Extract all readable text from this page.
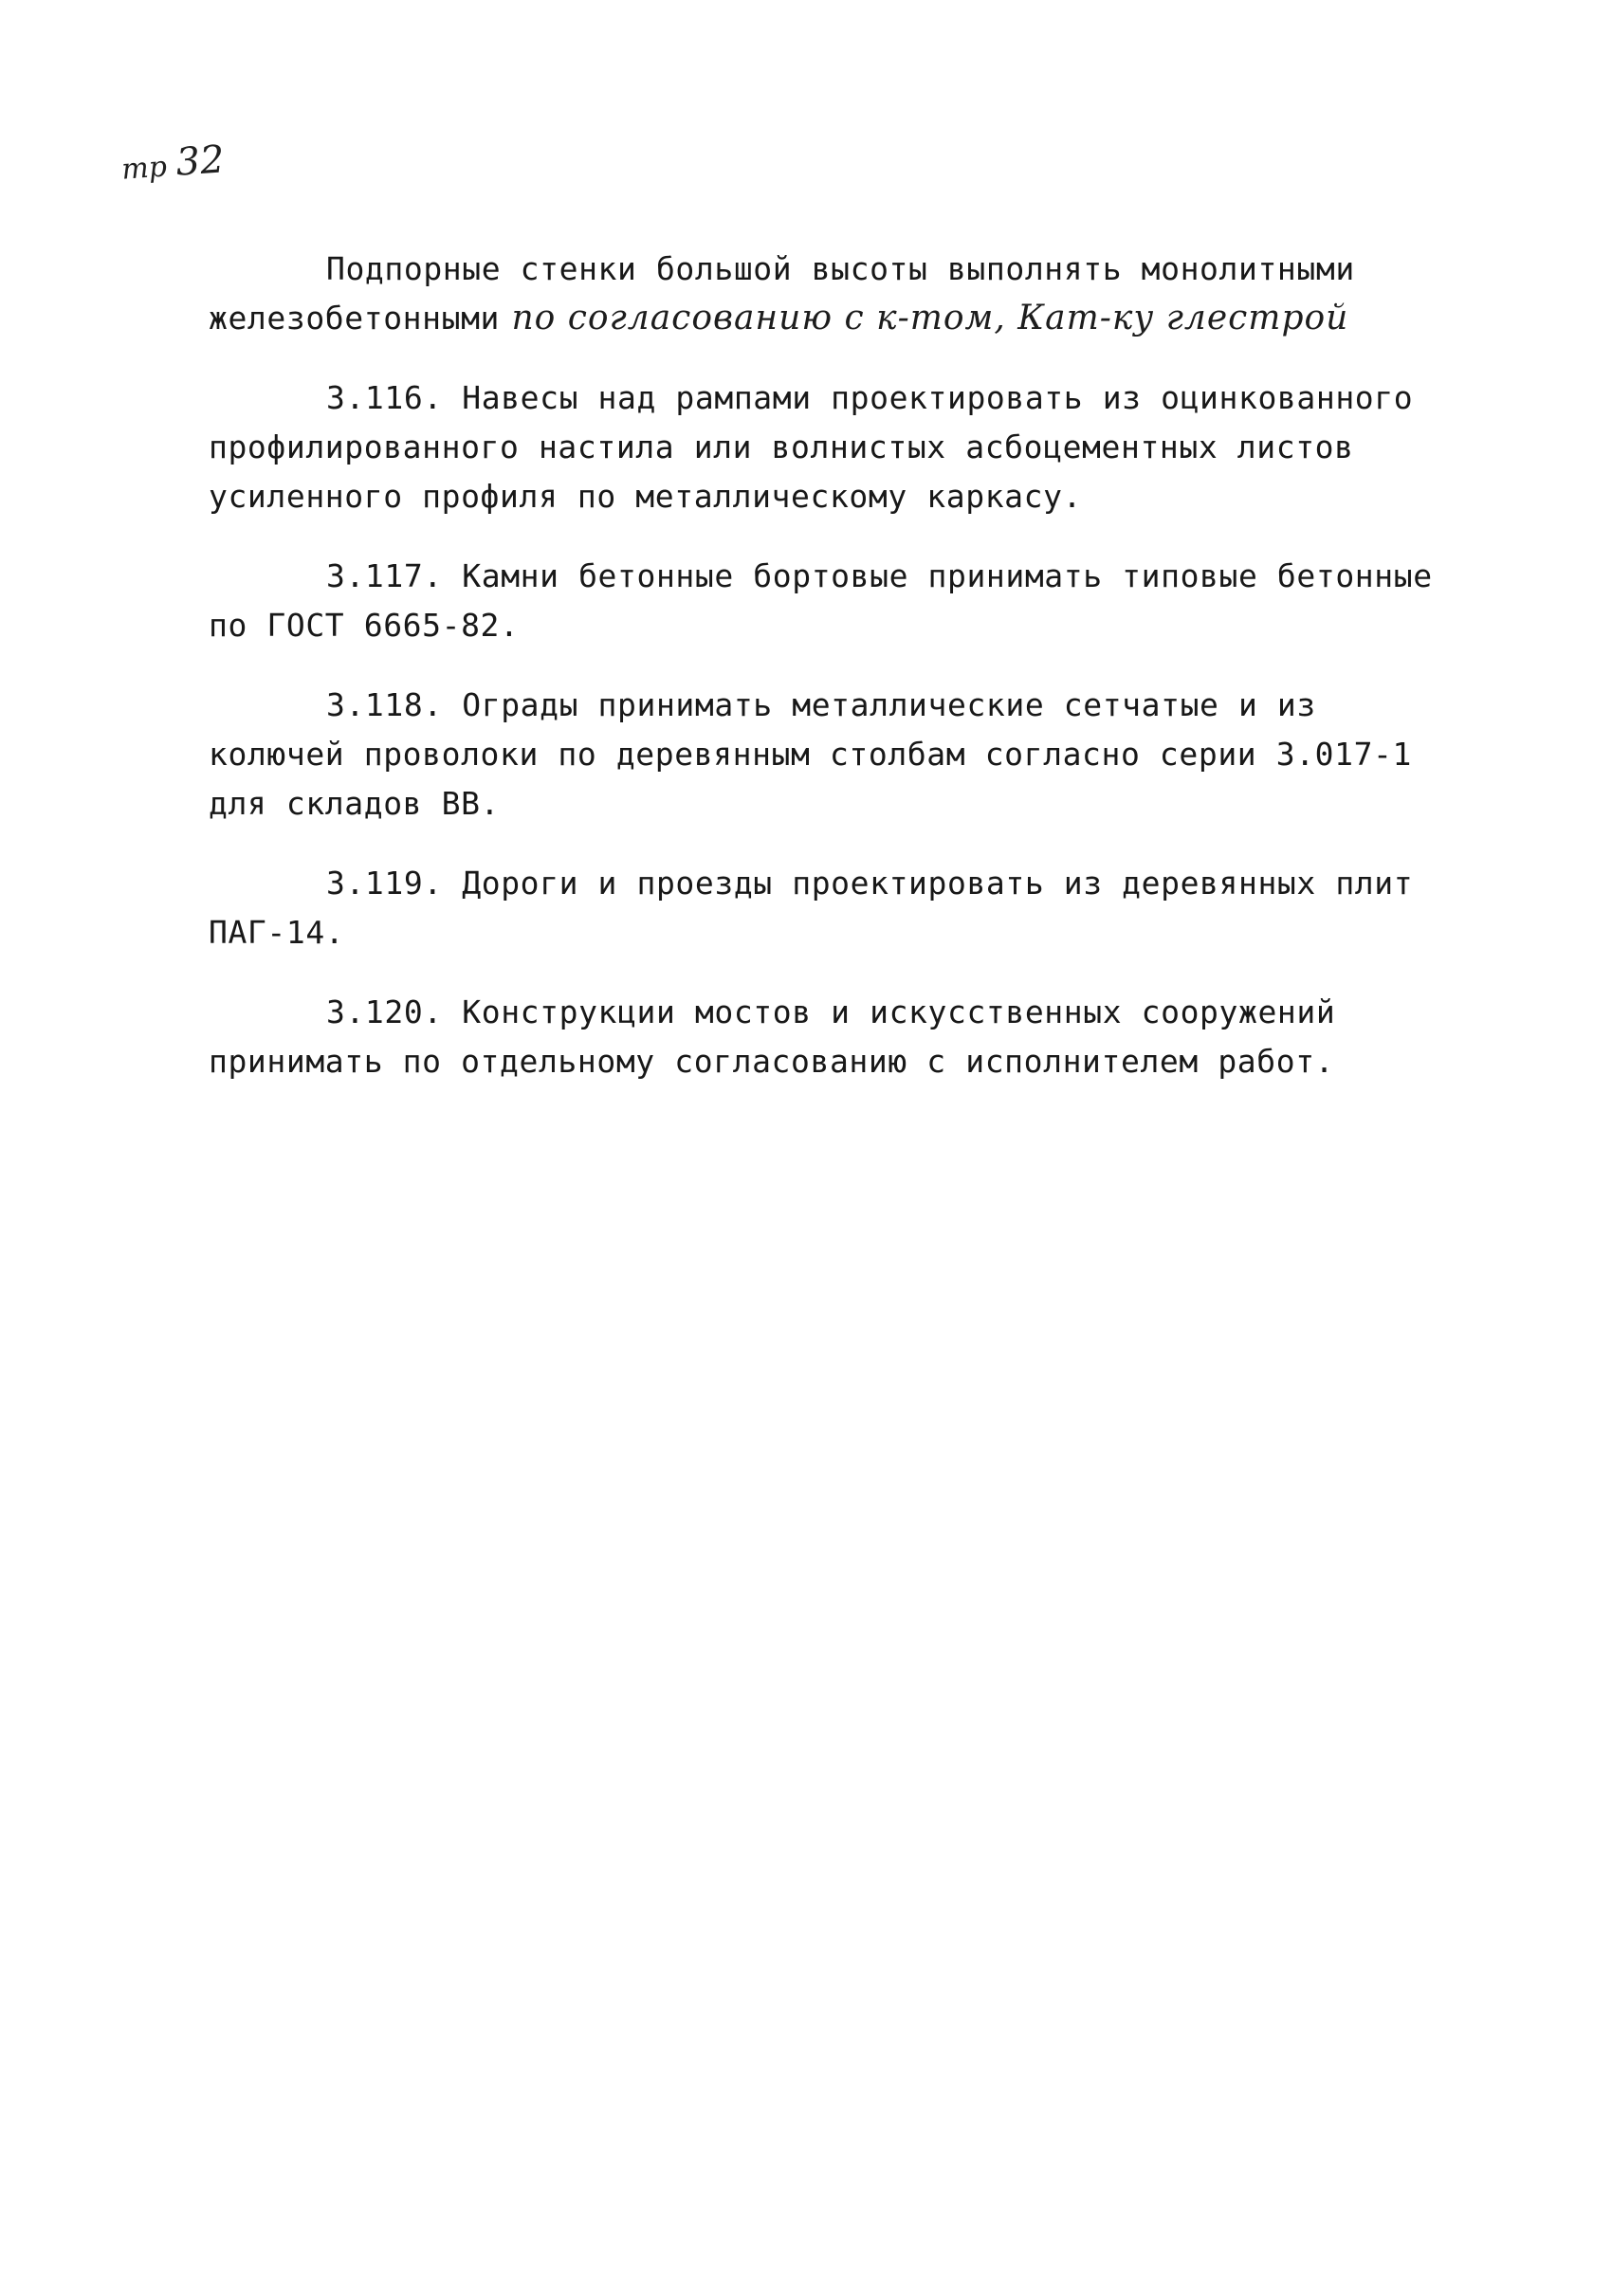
тр 32

Подпорные стенки большой высоты выполнять монолитными железобетонными по согласованию с к-том, Кат-ку глестрой

3.116. Навесы над рампами проектировать из оцинкованного профилированного настила или волнистых асбоцементных листов усиленного профиля по металлическому каркасу.

3.117. Камни бетонные бортовые принимать типовые бетонные по ГОСТ 6665-82.

3.118. Ограды принимать металлические сетчатые и из колючей проволоки по деревянным столбам согласно серии 3.017-1 для складов ВВ.

3.119. Дороги и проезды проектировать из деревянных плит ПАГ-14.

3.120. Конструкции мостов и искусственных сооружений принимать по отдельному согласованию с исполнителем работ.
